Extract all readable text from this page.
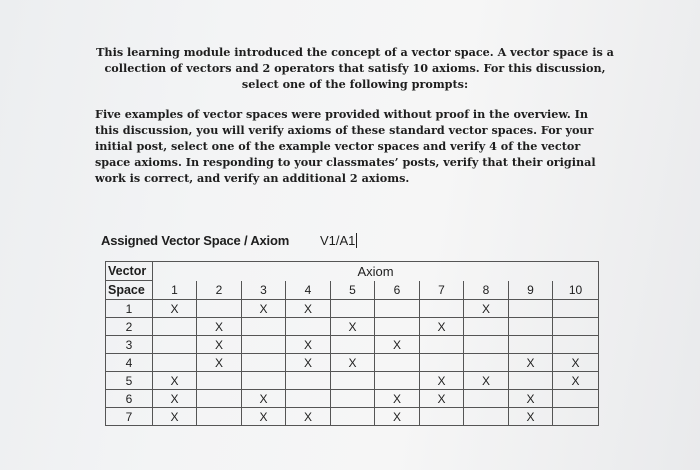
This learning module introduced the concept of a vector space. A vector space is a collection of vectors and 2 operators that satisfy 10 axioms. For this discussion, select one of the following prompts:
Five examples of vector spaces were provided without proof in the overview. In this discussion, you will verify axioms of these standard vector spaces. For your initial post, select one of the example vector spaces and verify 4 of the vector space axioms. In responding to your classmates’ posts, verify that their original work is correct, and verify an additional 2 axioms.
Assigned Vector Space / Axiom V1/A1
Vector	Axiom									
Space	1	2	3	4	5	6	7	8	9	10
1	X		X	X				X		
2		X			X		X			
3		X		X		X				
4		X		X	X				X	X
5	X						X	X		X
6	X		X			X	X		X	
7	X		X	X		X			X	
